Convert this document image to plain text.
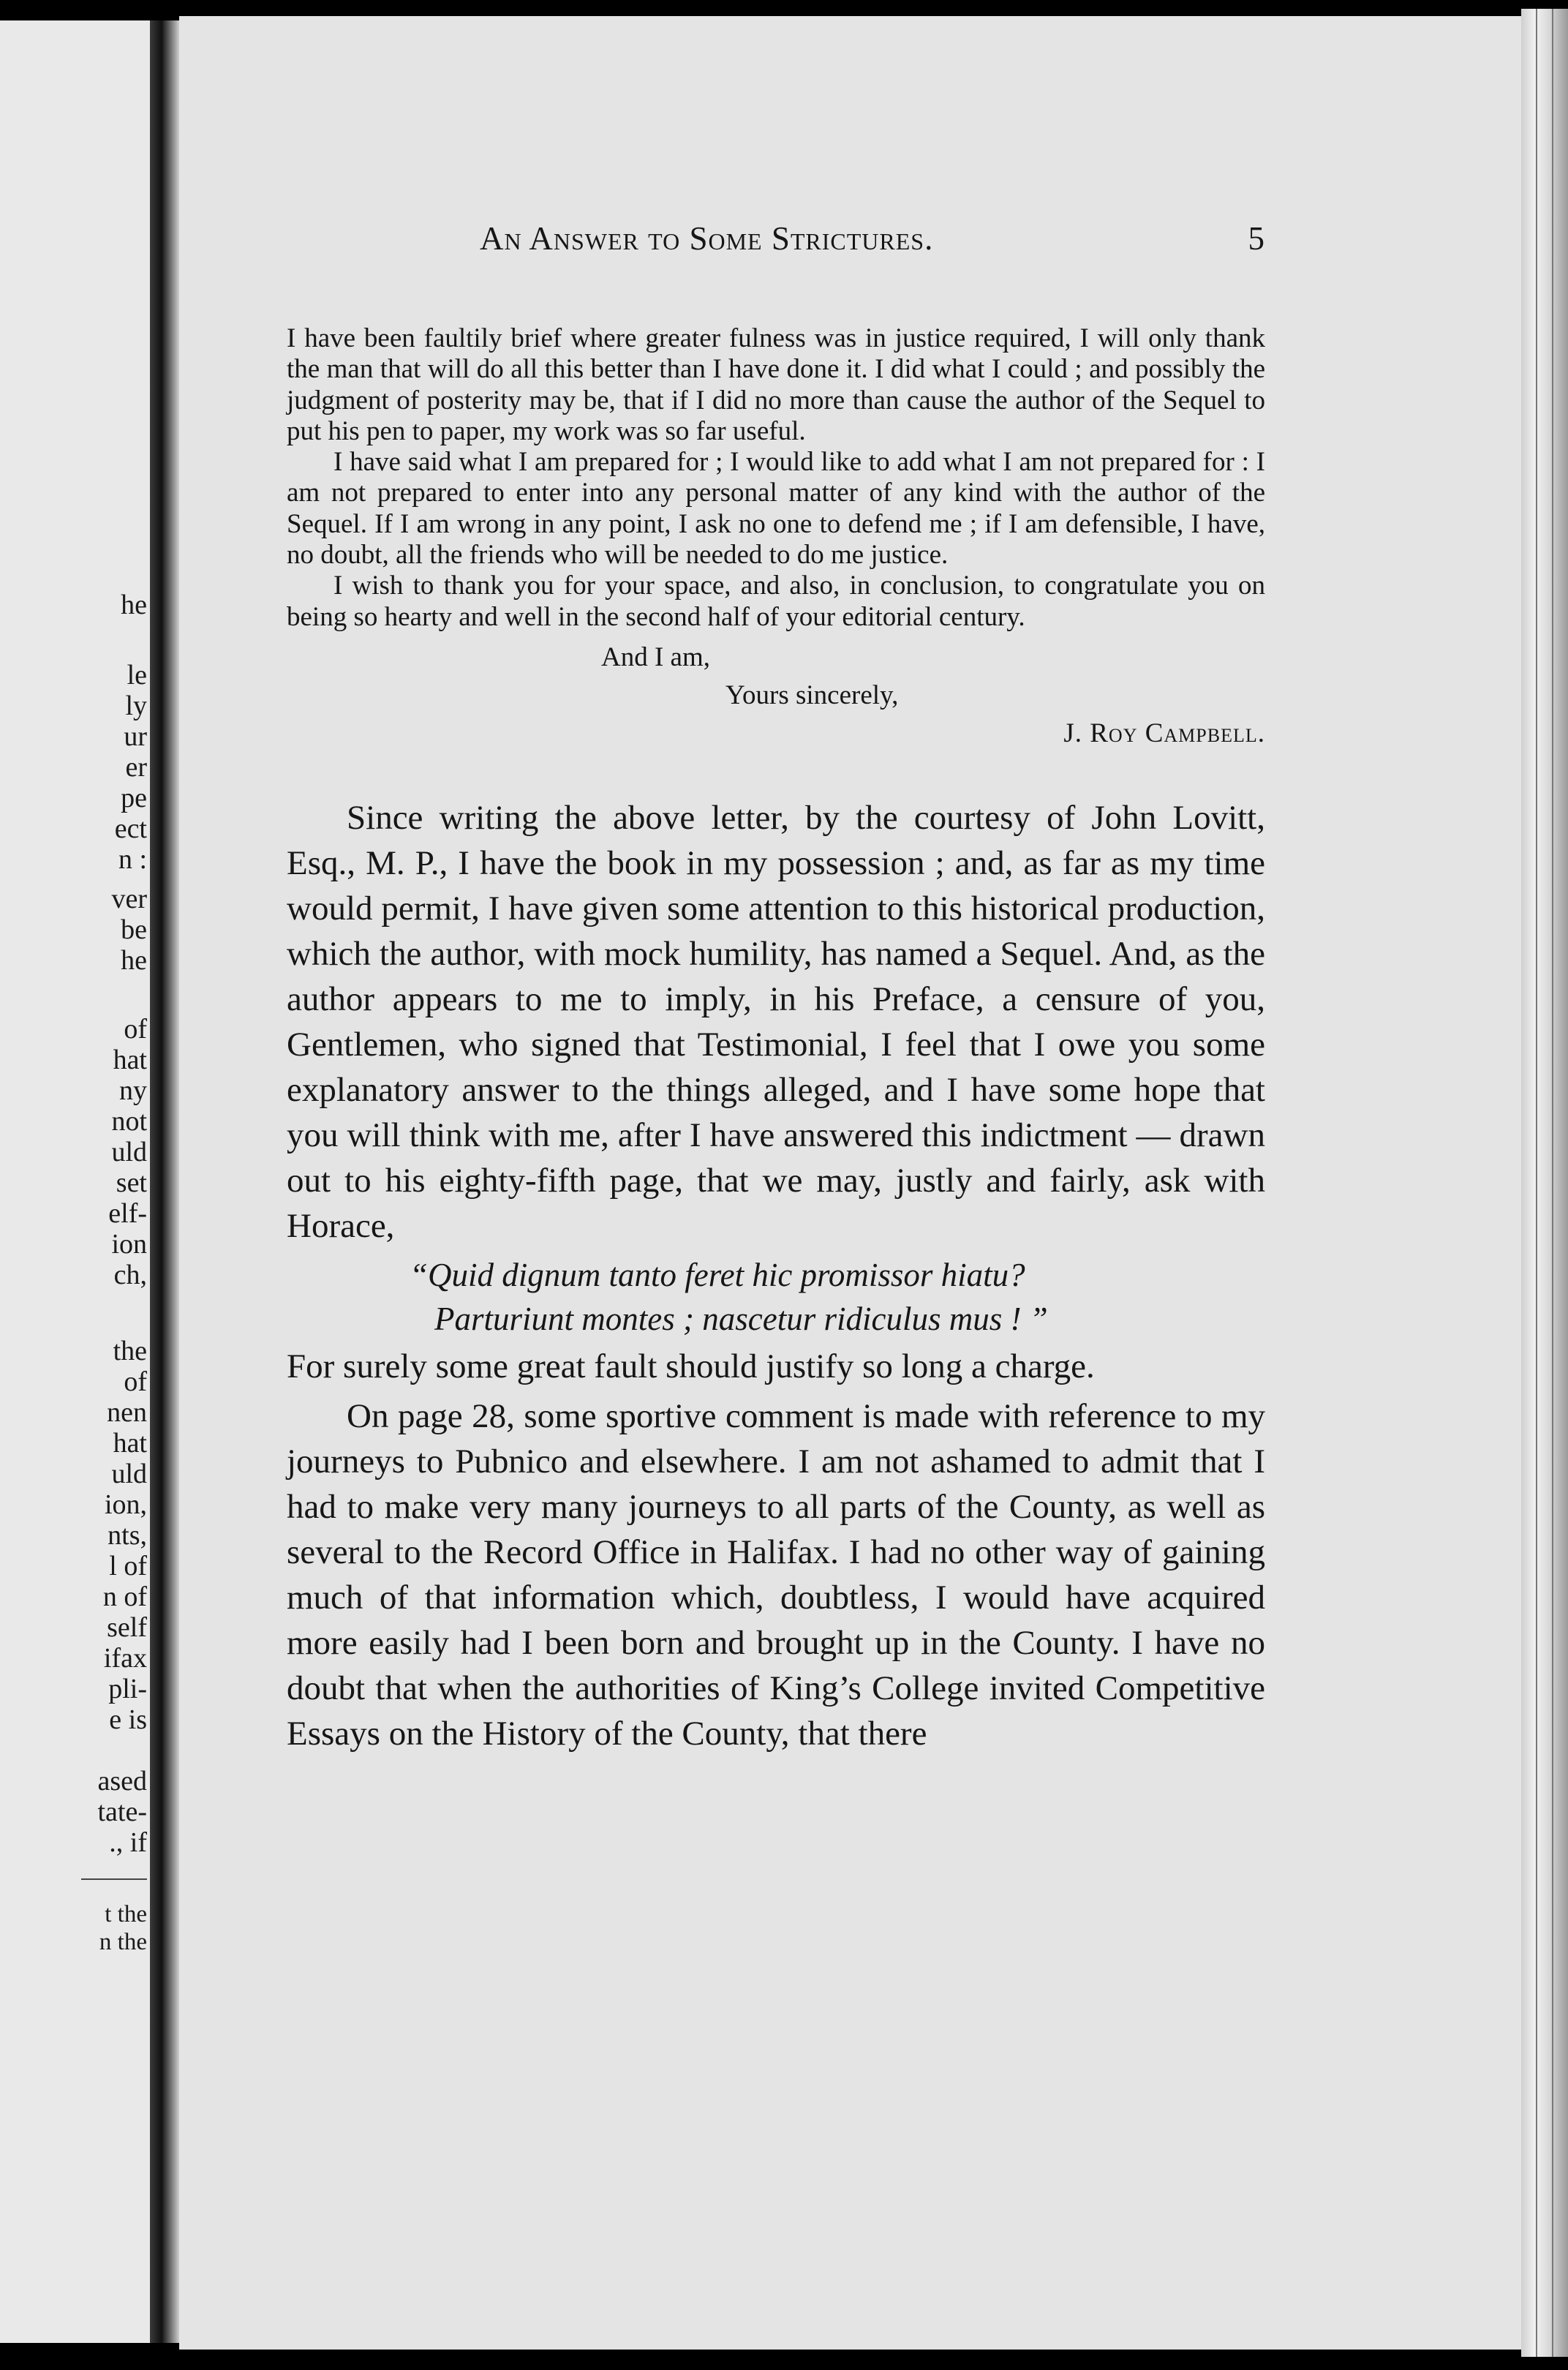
he
le
ly
ur
er
pe
ect
n :
ver
be
he
of
hat
ny
not
uld
set
elf-
ion
ch,
the
of
nen
hat
uld
ion,
nts,
l of
n of
self
ifax
pli-
e is
ased
tate-
., if
t the
n the
An Answer to Some Strictures.	5

I have been faultily brief where greater fulness was in justice required, I will only thank the man that will do all this better than I have done it. I did what I could ; and possibly the judgment of posterity may be, that if I did no more than cause the author of the Sequel to put his pen to paper, my work was so far useful.

I have said what I am prepared for ; I would like to add what I am not prepared for : I am not prepared to enter into any personal matter of any kind with the author of the Sequel. If I am wrong in any point, I ask no one to defend me ; if I am defensible, I have, no doubt, all the friends who will be needed to do me justice.

I wish to thank you for your space, and also, in conclusion, to congratulate you on being so hearty and well in the second half of your editorial century.

And I am,
Yours sincerely,
J. Roy Campbell.

Since writing the above letter, by the courtesy of John Lovitt, Esq., M. P., I have the book in my possession ; and, as far as my time would permit, I have given some attention to this historical production, which the author, with mock humility, has named a Sequel. And, as the author appears to me to imply, in his Preface, a censure of you, Gentlemen, who signed that Testimonial, I feel that I owe you some explanatory answer to the things alleged, and I have some hope that you will think with me, after I have answered this indictment — drawn out to his eighty-fifth page, that we may, justly and fairly, ask with Horace,

“Quid dignum tanto feret hic promissor hiatu?
Parturiunt montes ; nascetur ridiculus mus ! ”

For surely some great fault should justify so long a charge.

On page 28, some sportive comment is made with reference to my journeys to Pubnico and elsewhere. I am not ashamed to admit that I had to make very many journeys to all parts of the County, as well as several to the Record Office in Halifax. I had no other way of gaining much of that information which, doubtless, I would have acquired more easily had I been born and brought up in the County. I have no doubt that when the authorities of King’s College invited Competitive Essays on the History of the County, that there
